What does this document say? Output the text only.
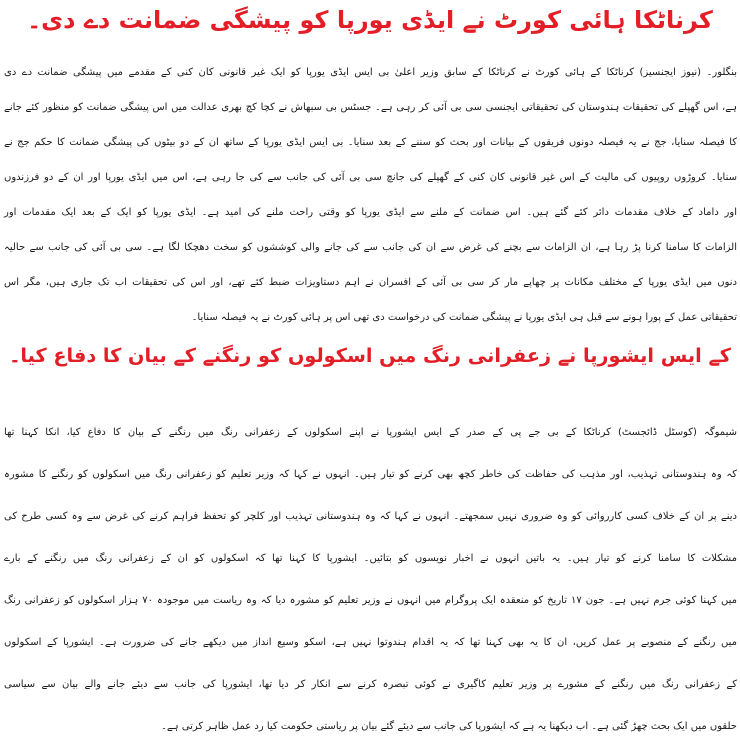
کرناٹکا ہائی کورٹ نے ایڈی یورپا کو پیشگی ضمانت دے دی۔
بنگلور۔ (نیوز ایجنسیز) کرناٹکا کے ہائی کورٹ نے کرناٹکا کے سابق وزیر اعلیٰ بی ایس ایڈی یورپا کو ایک غیر قانونی کان کنی کے مقدمے میں پیشگی ضمانت دے دی
ہے، اس گھپلے کی تحقیقات ہندوستان کی تحقیقاتی ایجنسی سی بی آئی کر رہی ہے۔ جسٹس بی سبھاش نے کچا کچ بھری عدالت میں اس پیشگی ضمانت کو منظور کئے جانے
کا فیصلہ سنایا، جج نے یہ فیصلہ دونوں فریقوں کے بیانات اور بحث کو سننے کے بعد سنایا۔ بی ایس ایڈی یورپا کے ساتھ ان کے دو بیٹوں کی پیشگی ضمانت کا حکم جج نے
سنایا۔ کروڑوں روپیوں کی مالیت کے اس غیر قانونی کان کنی کے گھپلے کی جانچ سی بی آئی کی جانب سے کی جا رہی ہے، اس میں ایڈی یورپا اور ان کے دو فرزندوں
اور داماد کے خلاف مقدمات دائر کئے گئے ہیں۔ اس ضمانت کے ملنے سے ایڈی یورپا کو وقتی راحت ملنے کی امید ہے۔ ایڈی یورپا کو ایک کے بعد ایک مقدمات اور
الزامات کا سامنا کرنا پڑ رہا ہے، ان الزامات سے بچنے کی غرض سے ان کی جانب سے کی جانے والی کوششوں کو سخت دھچکا لگا ہے۔ سی بی آئی کی جانب سے حالیہ
دنوں میں ایڈی یورپا کے مختلف مکانات پر چھاپے مار کر سی بی آئی کے افسران نے اہم دستاویزات ضبط کئے تھے، اور اس کی تحقیقات اب تک جاری ہیں، مگر اس
تحقیقاتی عمل کے پورا ہونے سے قبل ہی ایڈی یورپا نے پیشگی ضمانت کی درخواست دی تھی اس پر ہائی کورٹ نے یہ فیصلہ سنایا۔
کے ایس ایشورپا نے زعفرانی رنگ میں اسکولوں کو رنگنے کے بیان کا دفاع کیا۔
شیموگہ (کوسٹل ڈائجسٹ) کرناٹکا کے بی جے پی کے صدر کے ایس ایشورپا نے اپنے اسکولوں کے زعفرانی رنگ میں رنگنے کے بیان کا دفاع کیا، انکا کہنا تھا
کہ وہ ہندوستانی تہذیب، اور مذہب کی حفاظت کی خاطر کچھ بھی کرنے کو تیار ہیں۔ انہوں نے کہا کہ وزیر تعلیم کو زعفرانی رنگ میں اسکولوں کو رنگنے کا مشورہ
دینے پر ان کے خلاف کسی کارروائی کو وہ ضروری نہیں سمجھتے۔ انہوں نے کہا کہ وہ ہندوستانی تہذیب اور کلچر کو تحفظ فراہم کرنے کی غرض سے وہ کسی طرح کی
مشکلات کا سامنا کرنے کو تیار ہیں۔ یہ باتیں انہوں نے اخبار نویسوں کو بتائیں۔ ایشورپا کا کہنا تھا کہ اسکولوں کو ان کے زعفرانی رنگ میں رنگنے کے بارے
میں کہنا کوئی جرم نہیں ہے۔ جون ۱۷ تاریخ کو منعقدہ ایک پروگرام میں انہوں نے وزیر تعلیم کو مشورہ دیا کہ وہ ریاست میں موجودہ ۷۰ ہزار اسکولوں کو زعفرانی رنگ
میں رنگنے کے منصوبے پر عمل کریں، ان کا یہ بھی کہنا تھا کہ یہ اقدام ہندوتوا نہیں ہے، اسکو وسیع انداز میں دیکھے جانے کی ضرورت ہے۔ ایشورپا کے اسکولوں
کے زعفرانی رنگ میں رنگنے کے مشورے پر وزیر تعلیم کاگیری نے کوئی تبصرہ کرنے سے انکار کر دیا تھا، ایشورپا کی جانب سے دیئے جانے والے بیان سے سیاسی
حلقوں میں ایک بحث چھڑ گئی ہے۔ اب دیکھنا یہ ہے کہ ایشورپا کی جانب سے دیئے گئے بیان پر ریاستی حکومت کیا رد عمل ظاہر کرتی ہے۔
